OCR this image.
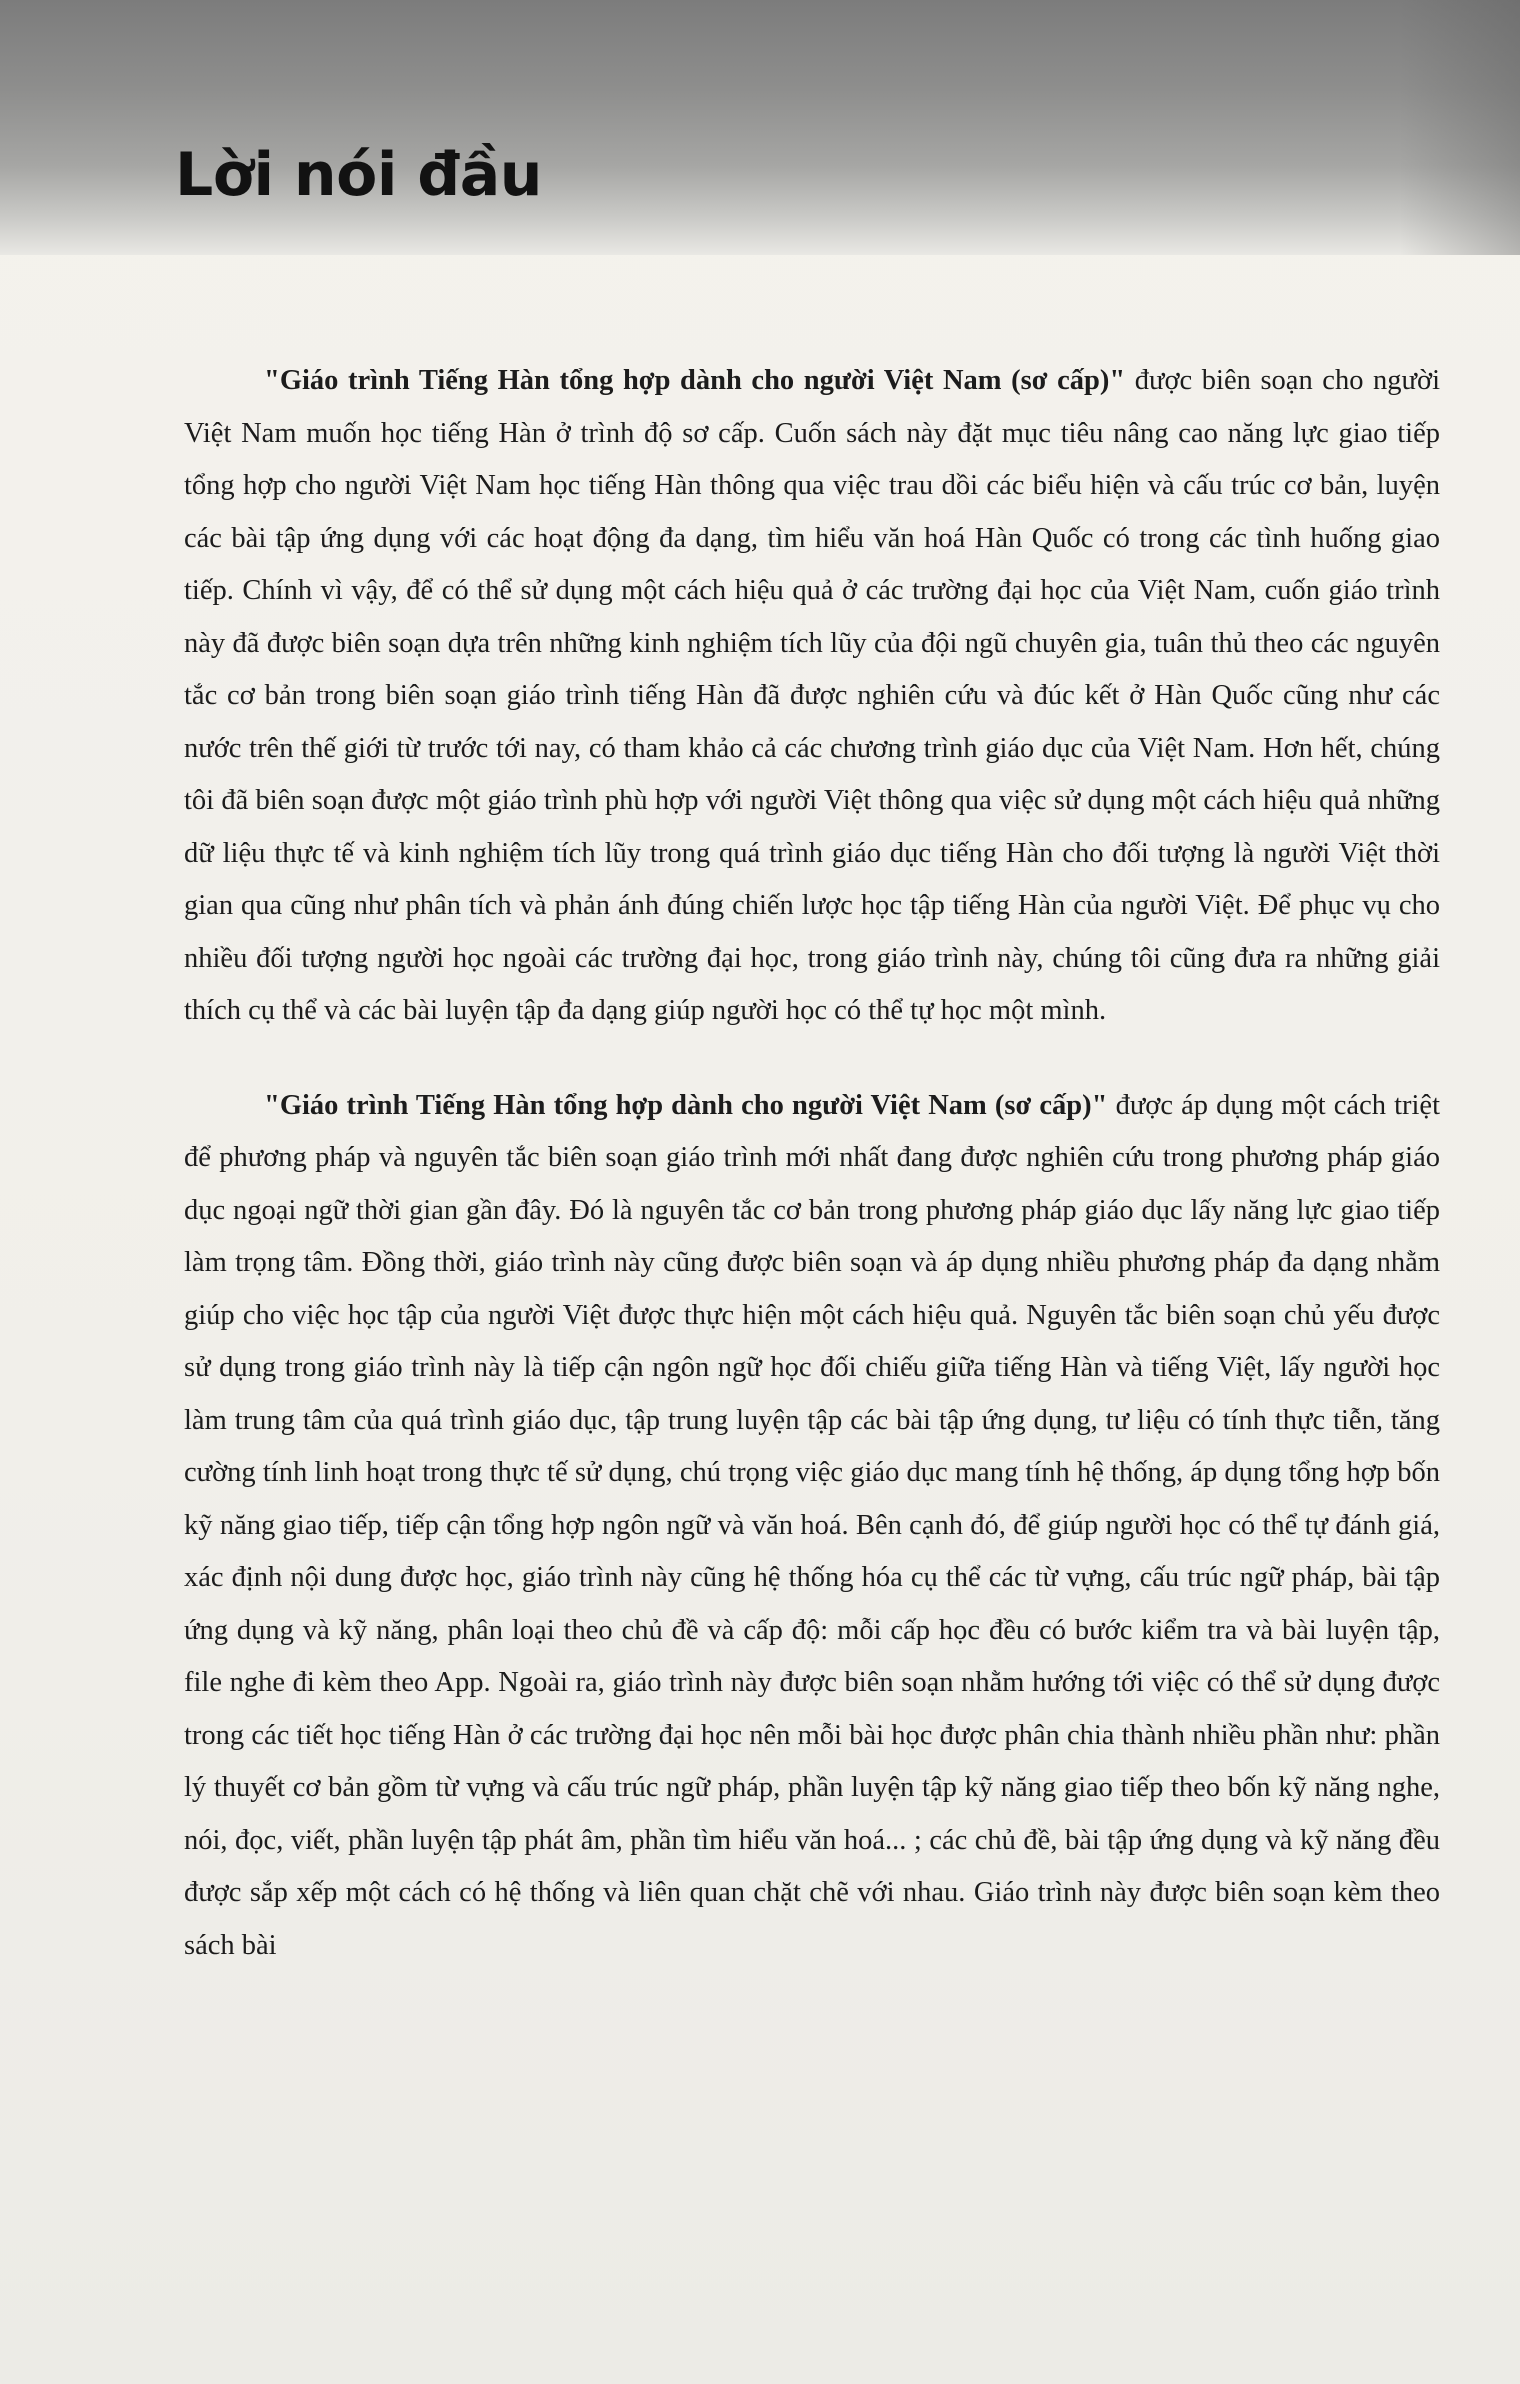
Lời nói đầu

"Giáo trình Tiếng Hàn tổng hợp dành cho người Việt Nam (sơ cấp)" được biên soạn cho người Việt Nam muốn học tiếng Hàn ở trình độ sơ cấp. Cuốn sách này đặt mục tiêu nâng cao năng lực giao tiếp tổng hợp cho người Việt Nam học tiếng Hàn thông qua việc trau dồi các biểu hiện và cấu trúc cơ bản, luyện các bài tập ứng dụng với các hoạt động đa dạng, tìm hiểu văn hoá Hàn Quốc có trong các tình huống giao tiếp. Chính vì vậy, để có thể sử dụng một cách hiệu quả ở các trường đại học của Việt Nam, cuốn giáo trình này đã được biên soạn dựa trên những kinh nghiệm tích lũy của đội ngũ chuyên gia, tuân thủ theo các nguyên tắc cơ bản trong biên soạn giáo trình tiếng Hàn đã được nghiên cứu và đúc kết ở Hàn Quốc cũng như các nước trên thế giới từ trước tới nay, có tham khảo cả các chương trình giáo dục của Việt Nam. Hơn hết, chúng tôi đã biên soạn được một giáo trình phù hợp với người Việt thông qua việc sử dụng một cách hiệu quả những dữ liệu thực tế và kinh nghiệm tích lũy trong quá trình giáo dục tiếng Hàn cho đối tượng là người Việt thời gian qua cũng như phân tích và phản ánh đúng chiến lược học tập tiếng Hàn của người Việt. Để phục vụ cho nhiều đối tượng người học ngoài các trường đại học, trong giáo trình này, chúng tôi cũng đưa ra những giải thích cụ thể và các bài luyện tập đa dạng giúp người học có thể tự học một mình.

"Giáo trình Tiếng Hàn tổng hợp dành cho người Việt Nam (sơ cấp)" được áp dụng một cách triệt để phương pháp và nguyên tắc biên soạn giáo trình mới nhất đang được nghiên cứu trong phương pháp giáo dục ngoại ngữ thời gian gần đây. Đó là nguyên tắc cơ bản trong phương pháp giáo dục lấy năng lực giao tiếp làm trọng tâm. Đồng thời, giáo trình này cũng được biên soạn và áp dụng nhiều phương pháp đa dạng nhằm giúp cho việc học tập của người Việt được thực hiện một cách hiệu quả. Nguyên tắc biên soạn chủ yếu được sử dụng trong giáo trình này là tiếp cận ngôn ngữ học đối chiếu giữa tiếng Hàn và tiếng Việt, lấy người học làm trung tâm của quá trình giáo dục, tập trung luyện tập các bài tập ứng dụng, tư liệu có tính thực tiễn, tăng cường tính linh hoạt trong thực tế sử dụng, chú trọng việc giáo dục mang tính hệ thống, áp dụng tổng hợp bốn kỹ năng giao tiếp, tiếp cận tổng hợp ngôn ngữ và văn hoá. Bên cạnh đó, để giúp người học có thể tự đánh giá, xác định nội dung được học, giáo trình này cũng hệ thống hóa cụ thể các từ vựng, cấu trúc ngữ pháp, bài tập ứng dụng và kỹ năng, phân loại theo chủ đề và cấp độ: mỗi cấp học đều có bước kiểm tra và bài luyện tập, file nghe đi kèm theo App. Ngoài ra, giáo trình này được biên soạn nhằm hướng tới việc có thể sử dụng được trong các tiết học tiếng Hàn ở các trường đại học nên mỗi bài học được phân chia thành nhiều phần như: phần lý thuyết cơ bản gồm từ vựng và cấu trúc ngữ pháp, phần luyện tập kỹ năng giao tiếp theo bốn kỹ năng nghe, nói, đọc, viết, phần luyện tập phát âm, phần tìm hiểu văn hoá... ; các chủ đề, bài tập ứng dụng và kỹ năng đều được sắp xếp một cách có hệ thống và liên quan chặt chẽ với nhau. Giáo trình này được biên soạn kèm theo sách bài
